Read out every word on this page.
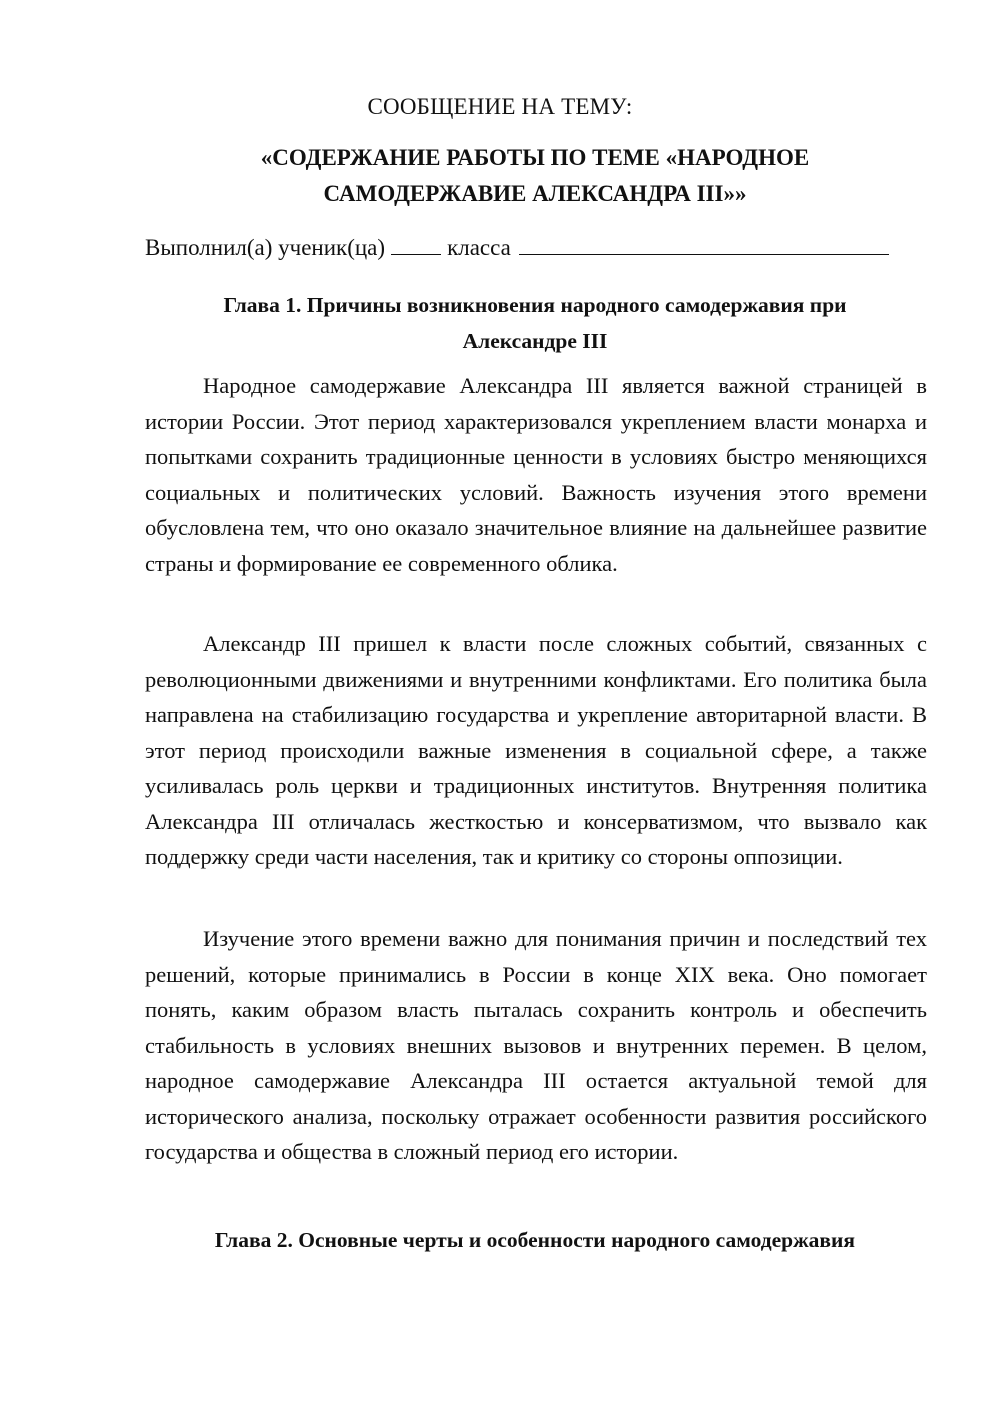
СООБЩЕНИЕ НА ТЕМУ:
«СОДЕРЖАНИЕ РАБОТЫ ПО ТЕМЕ «НАРОДНОЕ
САМОДЕРЖАВИЕ АЛЕКСАНДРА III»»
Выполнил(а) ученик(ца)	класса
Глава 1. Причины возникновения народного самодержавия при
Александре III

Народное самодержавие Александра III является важной страницей в истории России. Этот период характеризовался укреплением власти монарха и попытками сохранить традиционные ценности в условиях быстро меняющихся социальных и политических условий. Важность изучения этого времени обусловлена тем, что оно оказало значительное влияние на дальнейшее развитие страны и формирование ее современного облика.

Александр III пришел к власти после сложных событий, связанных с революционными движениями и внутренними конфликтами. Его политика была направлена на стабилизацию государства и укрепление авторитарной власти. В этот период происходили важные изменения в социальной сфере, а также усиливалась роль церкви и традиционных институтов. Внутренняя политика Александра III отличалась жесткостью и консерватизмом, что вызвало как поддержку среди части населения, так и критику со стороны оппозиции.

Изучение этого времени важно для понимания причин и последствий тех решений, которые принимались в России в конце XIX века. Оно помогает понять, каким образом власть пыталась сохранить контроль и обеспечить стабильность в условиях внешних вызовов и внутренних перемен. В целом, народное самодержавие Александра III остается актуальной темой для исторического анализа, поскольку отражает особенности развития российского государства и общества в сложный период его истории.

Глава 2. Основные черты и особенности народного самодержавия
